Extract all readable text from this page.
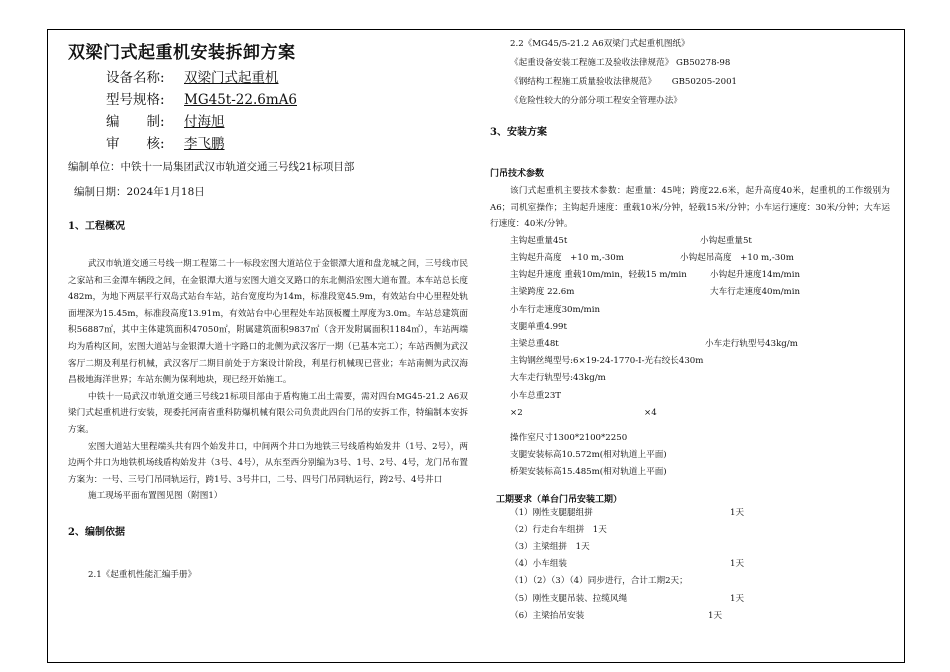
双梁门式起重机安装拆卸方案
设备名称: 双梁门式起重机
型号规格: MG45t-22.6mA6
编　　制: 付海旭
审　　核: 李飞鹏
编制单位：中铁十一局集团武汉市轨道交通三号线21标项目部
编制日期：2024年1月18日
1、工程概况

武汉市轨道交通三号线一期工程第二十一标段宏图大道站位于金银潭大道和盘龙城之间，三号线市民之家站和三金潭车辆段之间，在金银潭大道与宏图大道交叉路口的东北侧沿宏图大道布置。本车站总长度482m，为地下两层平行双岛式站台车站，站台宽度均为14m，标准段宽45.9m，有效站台中心里程处轨面埋深为15.45m，标准段高度13.91m，有效站台中心里程处车站顶板覆土厚度为3.0m。车站总建筑面积56887㎡，其中主体建筑面积47050㎡，附属建筑面积9837㎡（含开发附属面积1184㎡），车站两端均为盾构区间，宏图大道站与金银潭大道十字路口的北侧为武汉客厅一期（已基本完工）；车站西侧为武汉客厅二期及利星行机械，武汉客厅二期目前处于方案设计阶段，利星行机械现已营业；车站南侧为武汉海昌极地海洋世界；车站东侧为保利地块，现已经开始施工。

中铁十一局武汉市轨道交通三号线21标项目部由于盾构施工出土需要，需对四台MG45-21.2 A6双梁门式起重机进行安装，现委托河南省重科防爆机械有限公司负责此四台门吊的安拆工作，特编制本安拆方案。

宏图大道站大里程端头共有四个始发井口，中间两个井口为地铁三号线盾构始发井（1号、2号），两边两个井口为地铁机场线盾构始发井（3号、4号），从东至西分别编为3号、1号、2号、4号，龙门吊布置方案为：一号、三号门吊同轨运行，跨1号、3号井口，二号、四号门吊同轨运行，跨2号、4号井口

施工现场平面布置图见图（附图1）

2、编制依据
2.1《起重机性能汇编手册》
2.2《MG45/5-21.2 A6双梁门式起重机图纸》
《起重设备安装工程施工及验收法律规范》 GB50278-98
《钢结构工程施工质量验收法律规范》　　 GB50205-2001
《危险性较大的分部分项工程安全管理办法》
3、安装方案
门吊技术参数

该门式起重机主要技术参数：起重量：45吨；跨度22.6米，起升高度40米，起重机的工作级别为A6；司机室操作；主钩起升速度：重载10米/分钟，轻载15米/分钟；小车运行速度：30米/分钟；大车运行速度：40米/分钟。

主钩起重量45t	小钩起重量5t
主钩起升高度　+10 m,-30m	小钩起吊高度　+10 m,-30m
主钩起升速度 重载10m/min，轻载15 m/min	小钩起升速度14m/min
主梁跨度 22.6m	大车行走速度40m/min
小车行走速度30m/min
支腿单重4.99t
主梁总重48t	小车走行轨型号43kg/m
主钩钢丝绳型号:6×19-24-1770-Ⅰ-光右绞长430m
大车走行轨型号:43kg/m
小车总重23T
×2	×4
操作室尺寸1300*2100*2250
支腿安装标高10.572m(相对轨道上平面)
桥架安装标高15.485m(相对轨道上平面)
工期要求（单台门吊安装工期）
（1）刚性支腿腿组拼	1天
（2）行走台车组拼　1天
（3）主梁组拼　1天
（4）小车组装	1天
（1）（2）（3）（4）同步进行，合计工期2天；
（5）刚性支腿吊装、拉缆风绳	1天
（6）主梁抬吊安装	1天
